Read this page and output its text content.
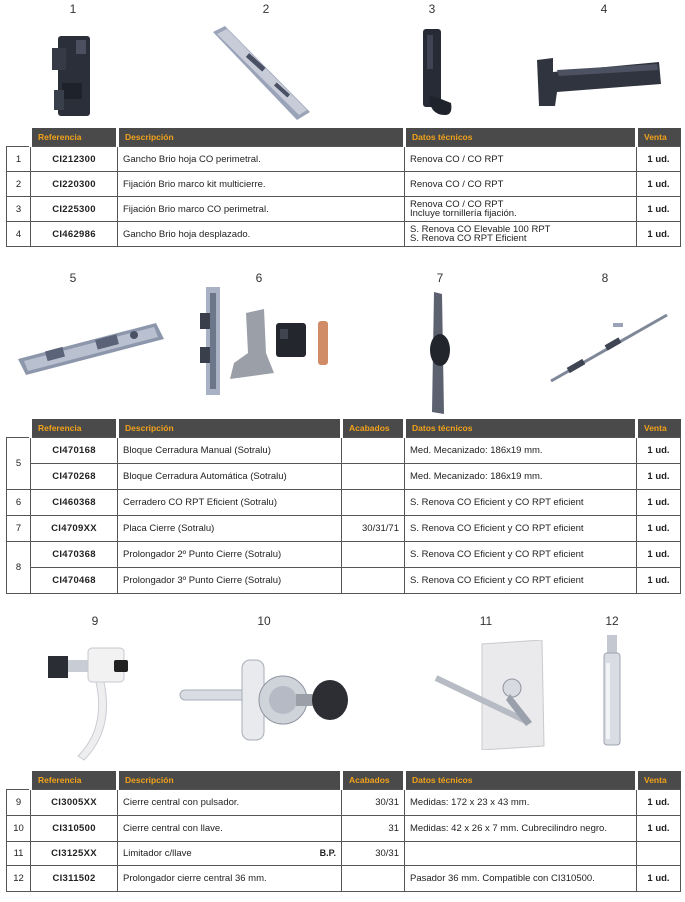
1	2	3	4
	Referencia	Descripción	Datos técnicos	Venta
1	CI212300	Gancho Brio hoja CO perimetral.	Renova CO / CO RPT	1 ud.
2	CI220300	Fijación Brio marco kit multicierre.	Renova CO / CO RPT	1 ud.
3	CI225300	Fijación Brio marco CO perimetral.	Renova CO / CO RPT
Incluye tornillería fijación.	1 ud.
4	CI462986	Gancho Brio hoja desplazado.	S. Renova CO Elevable 100 RPT
S. Renova CO RPT Eficient	1 ud.
5	6	7	8
	Referencia	Descripción	Acabados	Datos técnicos	Venta
5	CI470168	Bloque Cerradura Manual (Sotralu)		Med. Mecanizado: 186x19 mm.	1 ud.
	CI470268	Bloque Cerradura Automática (Sotralu)		Med. Mecanizado: 186x19 mm.	1 ud.
6	CI460368	Cerradero CO RPT Eficient (Sotralu)		S. Renova CO Eficient y CO RPT eficient	1 ud.
7	CI4709XX	Placa Cierre (Sotralu)	30/31/71	S. Renova CO Eficient y CO RPT eficient	1 ud.
8	CI470368	Prolongador 2º Punto Cierre (Sotralu)		S. Renova CO Eficient y CO RPT eficient	1 ud.
	CI470468	Prolongador 3º Punto Cierre (Sotralu)		S. Renova CO Eficient y CO RPT eficient	1 ud.
9	10	11	12
	Referencia	Descripción	Acabados	Datos técnicos	Venta
9	CI3005XX	Cierre central con pulsador.	30/31	Medidas: 172 x 23 x 43 mm.	1 ud.
10	CI310500	Cierre central con llave.	31	Medidas: 42 x 26 x 7 mm. Cubrecilindro negro.	1 ud.
11	CI3125XX	Limitador c/llave B.P.	30/31		
12	CI311502	Prolongador cierre central 36 mm.		Pasador 36 mm. Compatible con CI310500.	1 ud.
